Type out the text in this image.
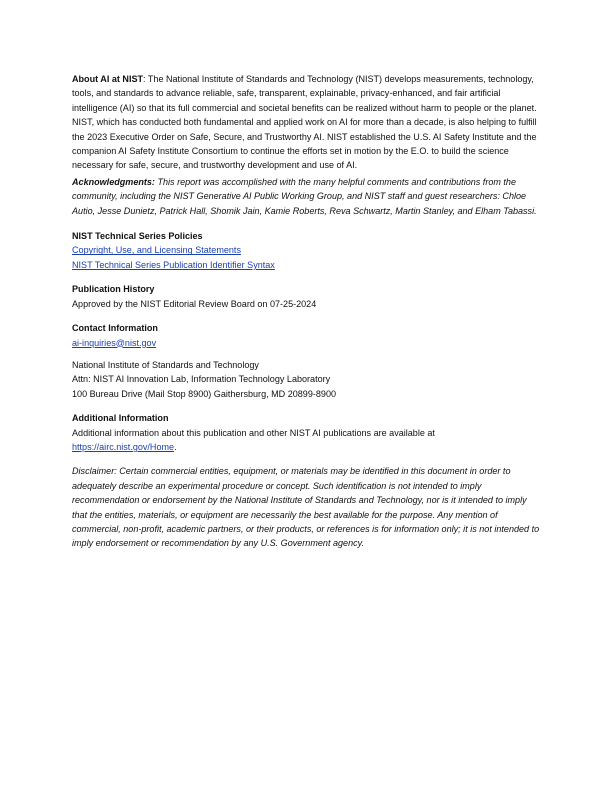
About AI at NIST: The National Institute of Standards and Technology (NIST) develops measurements, technology, tools, and standards to advance reliable, safe, transparent, explainable, privacy-enhanced, and fair artificial intelligence (AI) so that its full commercial and societal benefits can be realized without harm to people or the planet. NIST, which has conducted both fundamental and applied work on AI for more than a decade, is also helping to fulfill the 2023 Executive Order on Safe, Secure, and Trustworthy AI. NIST established the U.S. AI Safety Institute and the companion AI Safety Institute Consortium to continue the efforts set in motion by the E.O. to build the science necessary for safe, secure, and trustworthy development and use of AI.

Acknowledgments: This report was accomplished with the many helpful comments and contributions from the community, including the NIST Generative AI Public Working Group, and NIST staff and guest researchers: Chloe Autio, Jesse Dunietz, Patrick Hall, Shomik Jain, Kamie Roberts, Reva Schwartz, Martin Stanley, and Elham Tabassi.

NIST Technical Series Policies

Copyright, Use, and Licensing Statements

NIST Technical Series Publication Identifier Syntax

Publication History

Approved by the NIST Editorial Review Board on 07-25-2024

Contact Information

ai-inquiries@nist.gov

National Institute of Standards and Technology

Attn: NIST AI Innovation Lab, Information Technology Laboratory

100 Bureau Drive (Mail Stop 8900) Gaithersburg, MD 20899-8900

Additional Information

Additional information about this publication and other NIST AI publications are available at
https://airc.nist.gov/Home.

Disclaimer: Certain commercial entities, equipment, or materials may be identified in this document in order to adequately describe an experimental procedure or concept. Such identification is not intended to imply recommendation or endorsement by the National Institute of Standards and Technology, nor is it intended to imply that the entities, materials, or equipment are necessarily the best available for the purpose. Any mention of commercial, non-profit, academic partners, or their products, or references is for information only; it is not intended to imply endorsement or recommendation by any U.S. Government agency.
